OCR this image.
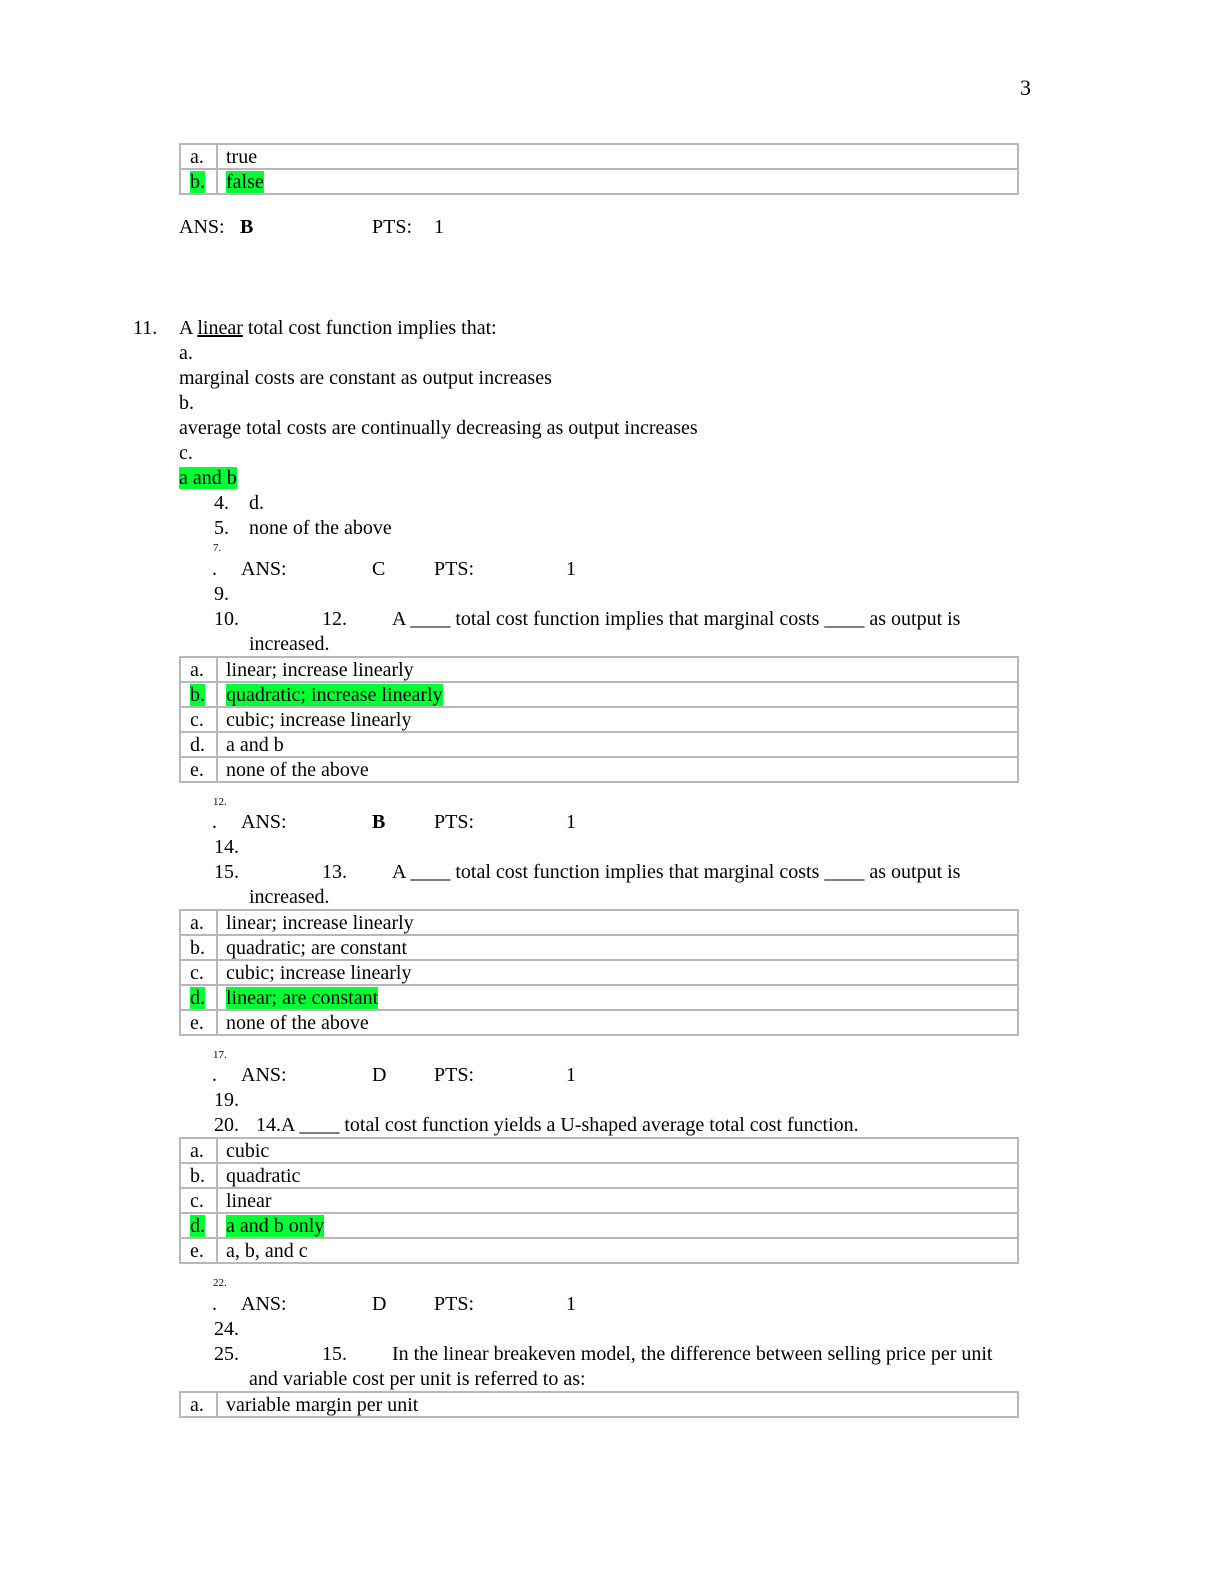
3
a.	true
b.	false
ANS: B	PTS: 1
11. A linear total cost function implies that:
a.
marginal costs are constant as output increases
b.
average total costs are continually decreasing as output increases
c.
a and b
4. d.
5. none of the above
7.
. ANS:	C PTS:	1
9.
10.	12. A ____ total cost function implies that marginal costs ____ as output is
increased.
a.	linear; increase linearly
b.	quadratic; increase linearly
c.	cubic; increase linearly
d.	a and b
e.	none of the above
12.
. ANS:	B PTS:	1
14.
15.	13. A ____ total cost function implies that marginal costs ____ as output is
increased.
a.	linear; increase linearly
b.	quadratic; are constant
c.	cubic; increase linearly
d.	linear; are constant
e.	none of the above
17.
. ANS:	D PTS:	1
19.
20. 14.A ____ total cost function yields a U-shaped average total cost function.
a.	cubic
b.	quadratic
c.	linear
d.	a and b only
e.	a, b, and c
22.
. ANS:	D PTS:	1
24.
25.	15. In the linear breakeven model, the difference between selling price per unit
and variable cost per unit is referred to as:
a.	variable margin per unit
